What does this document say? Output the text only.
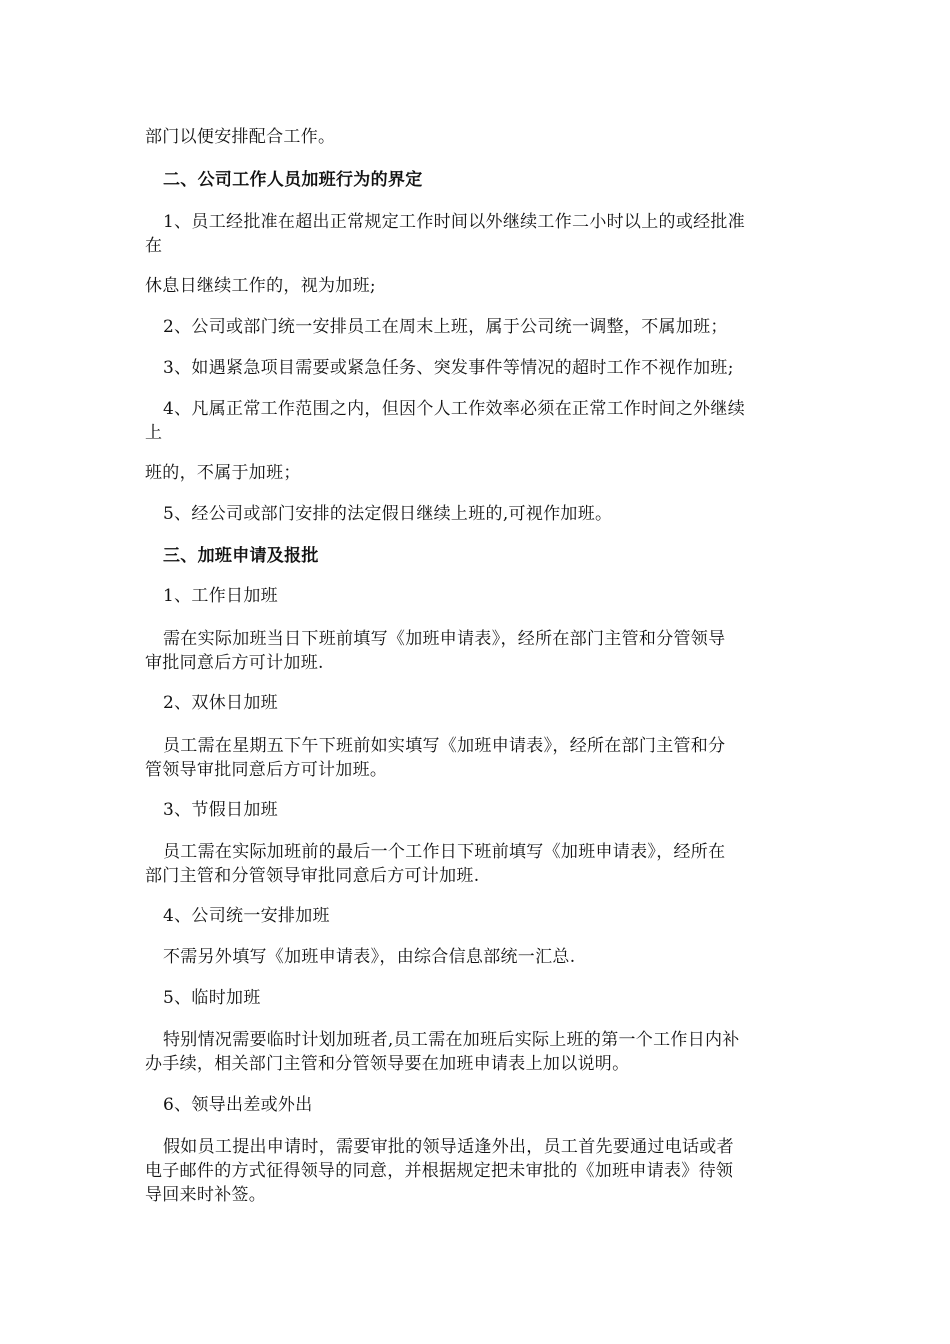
部门以便安排配合工作。
二、公司工作人员加班行为的界定
1、员工经批准在超出正常规定工作时间以外继续工作二小时以上的或经批准
在
休息日继续工作的，视为加班;
2、公司或部门统一安排员工在周末上班，属于公司统一调整，不属加班；
3、如遇紧急项目需要或紧急任务、突发事件等情况的超时工作不视作加班;
4、凡属正常工作范围之内，但因个人工作效率必须在正常工作时间之外继续
上
班的，不属于加班；
5、经公司或部门安排的法定假日继续上班的,可视作加班。
三、加班申请及报批
1、工作日加班
需在实际加班当日下班前填写《加班申请表》，经所在部门主管和分管领导
审批同意后方可计加班.
2、双休日加班
员工需在星期五下午下班前如实填写《加班申请表》，经所在部门主管和分
管领导审批同意后方可计加班。
3、节假日加班
员工需在实际加班前的最后一个工作日下班前填写《加班申请表》，经所在
部门主管和分管领导审批同意后方可计加班.
4、公司统一安排加班
不需另外填写《加班申请表》，由综合信息部统一汇总.
5、临时加班
特别情况需要临时计划加班者,员工需在加班后实际上班的第一个工作日内补
办手续，相关部门主管和分管领导要在加班申请表上加以说明。
6、领导出差或外出
假如员工提出申请时，需要审批的领导适逢外出，员工首先要通过电话或者
电子邮件的方式征得领导的同意，并根据规定把未审批的《加班申请表》待领
导回来时补签。
